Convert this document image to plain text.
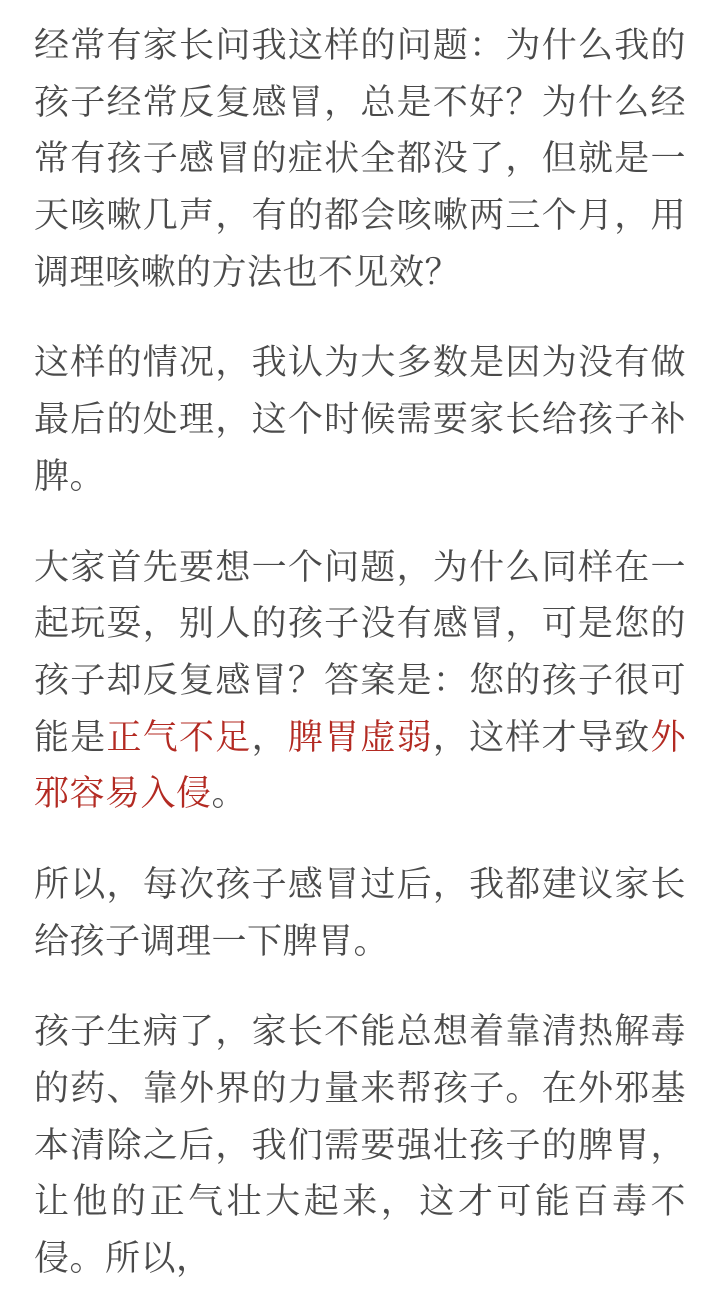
经常有家长问我这样的问题：为什么我的孩子经常反复感冒，总是不好？为什么经常有孩子感冒的症状全都没了，但就是一天咳嗽几声，有的都会咳嗽两三个月，用调理咳嗽的方法也不见效？

这样的情况，我认为大多数是因为没有做最后的处理，这个时候需要家长给孩子补脾。

大家首先要想一个问题，为什么同样在一起玩耍，别人的孩子没有感冒，可是您的孩子却反复感冒？答案是：您的孩子很可能是正气不足，脾胃虚弱，这样才导致外邪容易入侵。

所以，每次孩子感冒过后，我都建议家长给孩子调理一下脾胃。

孩子生病了，家长不能总想着靠清热解毒的药、靠外界的力量来帮孩子。在外邪基本清除之后，我们需要强壮孩子的脾胃，让他的正气壮大起来，这才可能百毒不侵。所以，
